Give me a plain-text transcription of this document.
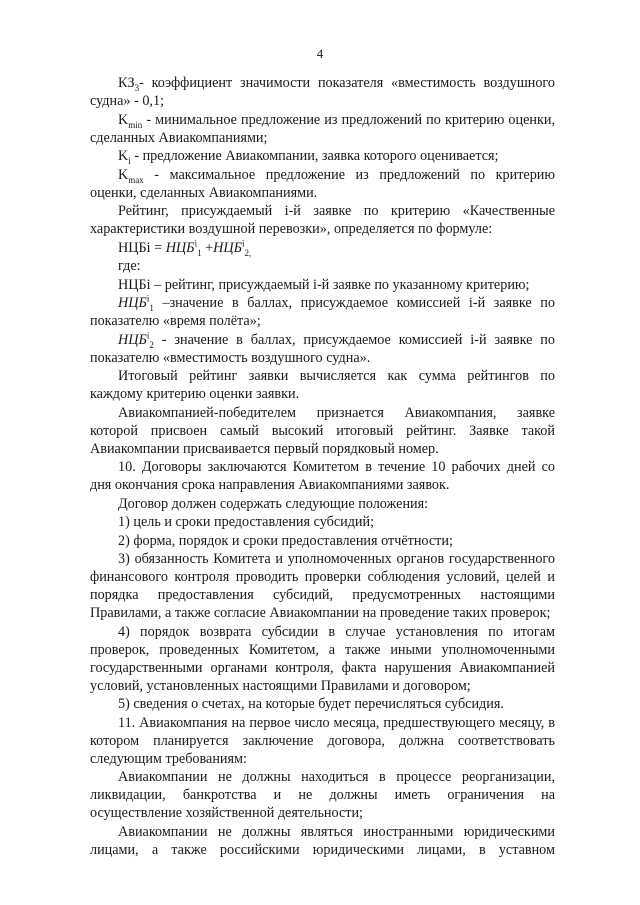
4

$КЗ_3-$ коэффициент значимости показателя «вместимость воздушного судна» - 0,1;

$K_{min}$ - минимальное предложение из предложений по критерию оценки, сделанных Авиакомпаниями;

$K_i$ - предложение Авиакомпании, заявка которого оценивается;

$K_{max}$ - максимальное предложение из предложений по критерию оценки, сделанных Авиакомпаниями.

Рейтинг, присуждаемый i-й заявке по критерию «Качественные характеристики воздушной перевозки», определяется по формуле:

НЦБi = $НЦБ^i_1 +НЦБ^i_{2,}$

где:

НЦБi – рейтинг, присуждаемый i-й заявке по указанному критерию;

$НЦБ^i_1$ –значение в баллах, присуждаемое комиссией i-й заявке по показателю «время полёта»;

$НЦБ^i_2$ - значение в баллах, присуждаемое комиссией i-й заявке по показателю «вместимость воздушного судна».

Итоговый рейтинг заявки вычисляется как сумма рейтингов по каждому критерию оценки заявки.

Авиакомпанией-победителем признается Авиакомпания, заявке которой присвоен самый высокий итоговый рейтинг. Заявке такой Авиакомпании присваивается первый порядковый номер.

10. Договоры заключаются Комитетом в течение 10 рабочих дней со дня окончания срока направления Авиакомпаниями заявок.

Договор должен содержать следующие положения:

1) цель и сроки предоставления субсидий;

2) форма, порядок и сроки предоставления отчётности;

3) обязанность Комитета и уполномоченных органов государственного финансового контроля проводить проверки соблюдения условий, целей и порядка предоставления субсидий, предусмотренных настоящими Правилами, а также согласие Авиакомпании на проведение таких проверок;

4) порядок возврата субсидии в случае установления по итогам проверок, проведенных Комитетом, а также иными уполномоченными государственными органами контроля, факта нарушения Авиакомпанией условий, установленных настоящими Правилами и договором;

5) сведения о счетах, на которые будет перечисляться субсидия.

11. Авиакомпания на первое число месяца, предшествующего месяцу, в котором планируется заключение договора, должна соответствовать следующим требованиям:

Авиакомпании не должны находиться в процессе реорганизации, ликвидации, банкротства и не должны иметь ограничения на осуществление хозяйственной деятельности;

Авиакомпании не должны являться иностранными юридическими лицами, а также российскими юридическими лицами, в уставном
